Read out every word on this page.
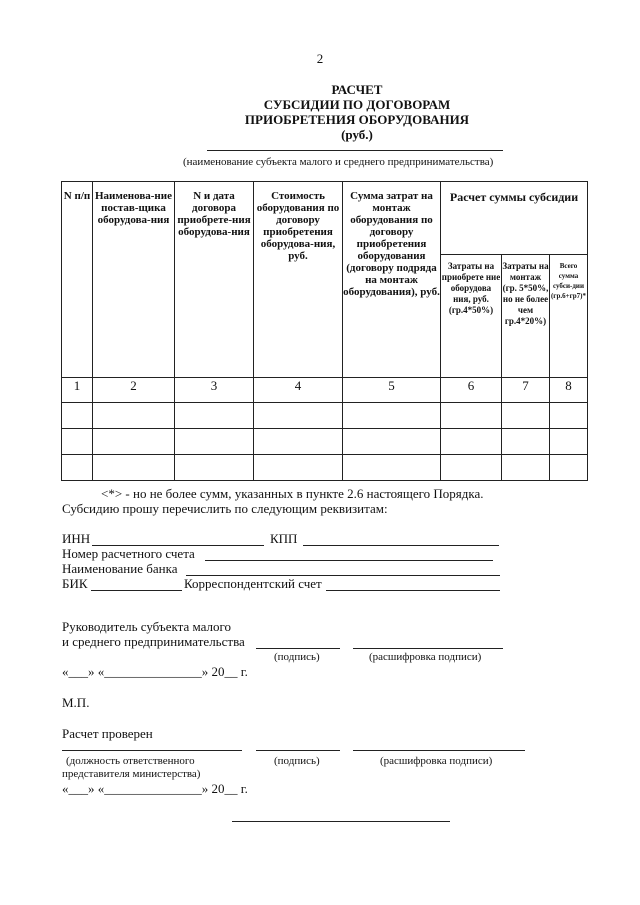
2
РАСЧЕТ
СУБСИДИИ ПО ДОГОВОРАМ
ПРИОБРЕТЕНИЯ ОБОРУДОВАНИЯ
(руб.)
(наименование субъекта малого и среднего предпринимательства)
N п/п	Наименова-ние постав-щика оборудова-ния	N и дата договора приобрете-ния оборудова-ния	Стоимость оборудования по договору приобретения оборудова-ния, руб.	Сумма затрат на монтаж оборудования по договору приобретения оборудования (договору подряда на монтаж оборудования), руб.	Расчет суммы субсидии		
					Затраты на приобрете ние оборудова ния, руб. (гр.4*50%)	Затраты на монтаж (гр. 5*50%, но не более чем гр.4*20%)	Всего сумма субси-дии (гр.6+гр7)*
1	2	3	4	5	6	7	8

<*> - но не более сумм, указанных в пункте 2.6 настоящего Порядка.
Субсидию прошу перечислить по следующим реквизитам:
ИНН	КПП
Номер расчетного счета
Наименование банка
БИК	Корреспондентский счет
Руководитель субъекта малого
и среднего предпринимательства
(подпись)	(расшифровка подписи)
«___» «_______________» 20__ г.
М.П.
Расчет проверен
(должность ответственного
представителя министерства)
(подпись)	(расшифровка подписи)
«___» «_______________» 20__ г.
